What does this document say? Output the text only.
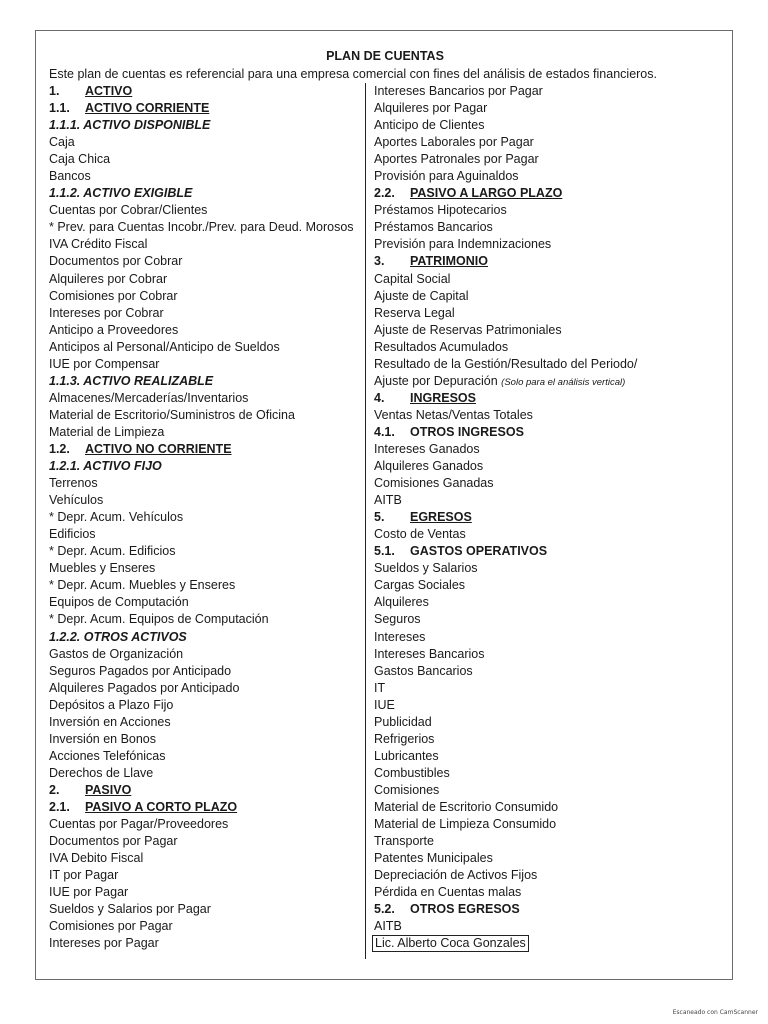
PLAN DE CUENTAS
Este plan de cuentas es referencial para una empresa comercial con fines del análisis de estados financieros.
1. ACTIVO
1.1. ACTIVO CORRIENTE
1.1.1. ACTIVO DISPONIBLE
Caja
Caja Chica
Bancos
1.1.2. ACTIVO EXIGIBLE
Cuentas por Cobrar/Clientes
* Prev. para Cuentas Incobr./Prev. para Deud. Morosos
IVA Crédito Fiscal
Documentos por Cobrar
Alquileres por Cobrar
Comisiones por Cobrar
Intereses por Cobrar
Anticipo a Proveedores
Anticipos al Personal/Anticipo de Sueldos
IUE por Compensar
1.1.3. ACTIVO REALIZABLE
Almacenes/Mercaderías/Inventarios
Material de Escritorio/Suministros de Oficina
Material de Limpieza
1.2. ACTIVO NO CORRIENTE
1.2.1. ACTIVO FIJO
Terrenos
Vehículos
* Depr. Acum. Vehículos
Edificios
* Depr. Acum. Edificios
Muebles y Enseres
* Depr. Acum. Muebles y Enseres
Equipos de Computación
* Depr. Acum. Equipos de Computación
1.2.2. OTROS ACTIVOS
Gastos de Organización
Seguros Pagados por Anticipado
Alquileres Pagados por Anticipado
Depósitos a Plazo Fijo
Inversión en Acciones
Inversión en Bonos
Acciones Telefónicas
Derechos de Llave
2. PASIVO
2.1. PASIVO A CORTO PLAZO
Cuentas por Pagar/Proveedores
Documentos por Pagar
IVA Debito Fiscal
IT por Pagar
IUE por Pagar
Sueldos y Salarios por Pagar
Comisiones por Pagar
Intereses por Pagar
Intereses Bancarios por Pagar
Alquileres por Pagar
Anticipo de Clientes
Aportes Laborales por Pagar
Aportes Patronales por Pagar
Provisión para Aguinaldos
2.2. PASIVO A LARGO PLAZO
Préstamos Hipotecarios
Préstamos Bancarios
Previsión para Indemnizaciones
3. PATRIMONIO
Capital Social
Ajuste de Capital
Reserva Legal
Ajuste de Reservas Patrimoniales
Resultados Acumulados
Resultado de la Gestión/Resultado del Periodo/
Ajuste por Depuración (Solo para el análisis vertical)
4. INGRESOS
Ventas Netas/Ventas Totales
4.1. OTROS INGRESOS
Intereses Ganados
Alquileres Ganados
Comisiones Ganadas
AITB
5. EGRESOS
Costo de Ventas
5.1. GASTOS OPERATIVOS
Sueldos y Salarios
Cargas Sociales
Alquileres
Seguros
Intereses
Intereses Bancarios
Gastos Bancarios
IT
IUE
Publicidad
Refrigerios
Lubricantes
Combustibles
Comisiones
Material de Escritorio Consumido
Material de Limpieza Consumido
Transporte
Patentes Municipales
Depreciación de Activos Fijos
Pérdida en Cuentas malas
5.2. OTROS EGRESOS
AITB
Lic. Alberto Coca Gonzales
Escaneado con CamScanner
